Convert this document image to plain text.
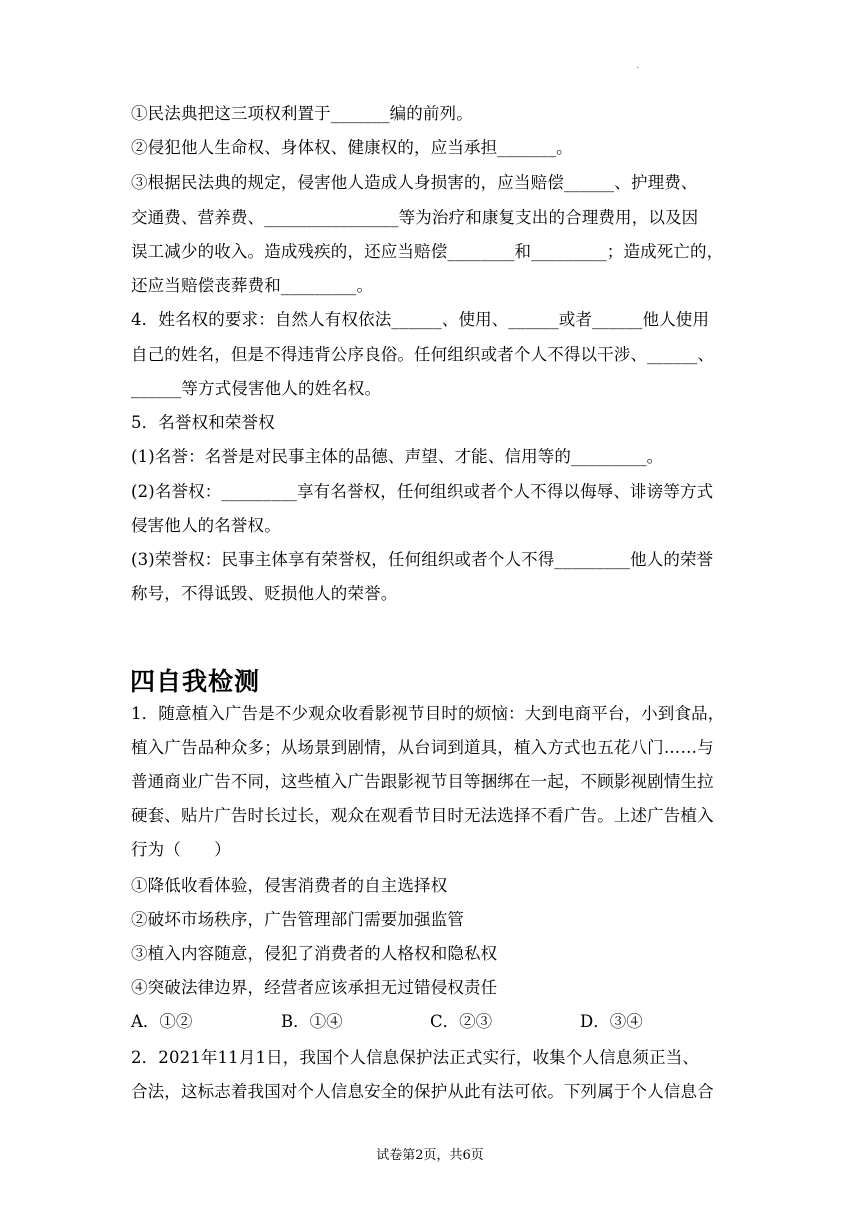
.
①民法典把这三项权利置于_______编的前列。
②侵犯他人生命权、身体权、健康权的，应当承担_______。
③根据民法典的规定，侵害他人造成人身损害的，应当赔偿______、护理费、
交通费、营养费、________________等为治疗和康复支出的合理费用，以及因
误工减少的收入。造成残疾的，还应当赔偿________和_________；造成死亡的，
还应当赔偿丧葬费和_________。
4．姓名权的要求：自然人有权依法______、使用、______或者______他人使用
自己的姓名，但是不得违背公序良俗。任何组织或者个人不得以干涉、______、
______等方式侵害他人的姓名权。
5．名誉权和荣誉权
(1)名誉：名誉是对民事主体的品德、声望、才能、信用等的_________。
(2)名誉权：_________享有名誉权，任何组织或者个人不得以侮辱、诽谤等方式
侵害他人的名誉权。
(3)荣誉权：民事主体享有荣誉权，任何组织或者个人不得_________他人的荣誉
称号，不得诋毁、贬损他人的荣誉。
四自我检测
1．随意植入广告是不少观众收看影视节目时的烦恼：大到电商平台，小到食品，
植入广告品种众多；从场景到剧情，从台词到道具，植入方式也五花八门……与
普通商业广告不同，这些植入广告跟影视节目等捆绑在一起，不顾影视剧情生拉
硬套、贴片广告时长过长，观众在观看节目时无法选择不看广告。上述广告植入
行为（　　）
①降低收看体验，侵害消费者的自主选择权
②破坏市场秩序，广告管理部门需要加强监管
③植入内容随意，侵犯了消费者的人格权和隐私权
④突破法律边界，经营者应该承担无过错侵权责任
A．①②	B．①④	C．②③	D．③④
2．2021年11月1日，我国个人信息保护法正式实行，收集个人信息须正当、
合法，这标志着我国对个人信息安全的保护从此有法可依。下列属于个人信息合
试卷第2页，共6页
